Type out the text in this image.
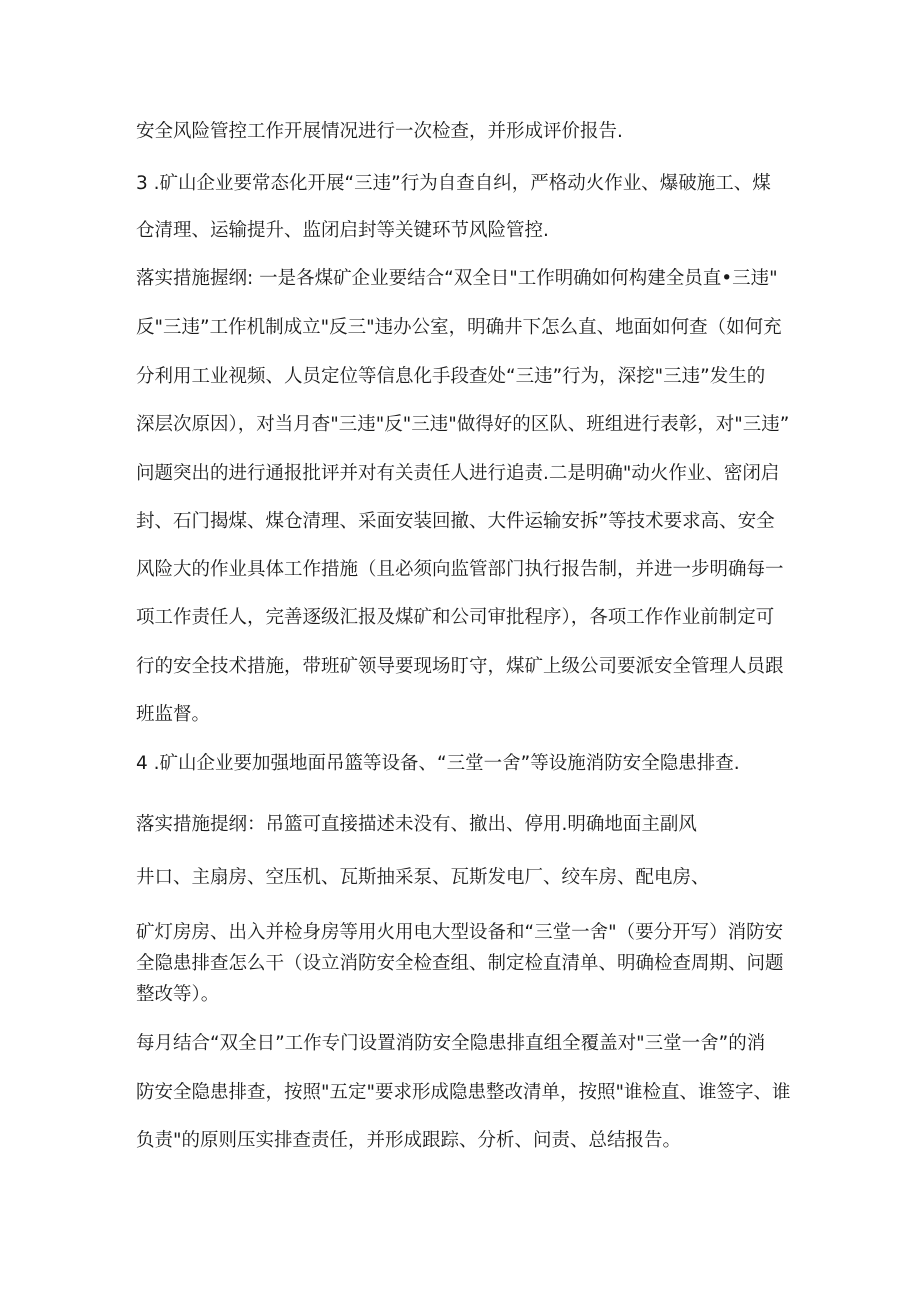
安全风险管控工作开展情况进行一次检查，并形成评价报告.
3 .矿山企业要常态化开展“三违”行为自查自纠，严格动火作业、爆破施工、煤
仓清理、运输提升、监闭启封等关键环节风险管控.
落实措施握纲: 一是各煤矿企业要结合“双全日"工作明确如何构建全员直•三违"
反"三违”工作机制成立"反三"违办公室，明确井下怎么直、地面如何查（如何充
分利用工业视频、人员定位等信息化手段查处“三违”行为，深挖"三违”发生的
深层次原因），对当月杳"三违"反"三违"做得好的区队、班组进行表彰，对"三违”
问题突出的进行通报批评并对有关责任人进行追责.二是明确"动火作业、密闭启
封、石门揭煤、煤仓清理、采面安装回撤、大件运输安拆”等技术要求高、安全
风险大的作业具体工作措施（且必须向监管部门执行报告制，并进一步明确每一
项工作责任人，完善逐级汇报及煤矿和公司审批程序），各项工作作业前制定可
行的安全技术措施，带班矿领导要现场盯守，煤矿上级公司要派安全管理人员跟
班监督。
4 .矿山企业要加强地面吊篮等设备、“三堂一舍”等设施消防安全隐患排查.
落实措施提纲：吊篮可直接描述未没有、撤出、停用.明确地面主副风
井口、主扇房、空压机、瓦斯抽采泵、瓦斯发电厂、绞车房、配电房、
矿灯房房、出入并检身房等用火用电大型设备和“三堂一舍"（要分开写）消防安
全隐患排查怎么干（设立消防安全检查组、制定检直清单、明确检查周期、问题
整改等）。
每月结合“双全日”工作专门设置消防安全隐患排直组全覆盖对"三堂一舍”的消
防安全隐患排查，按照"五定"要求形成隐患整改清单，按照"谁检直、谁签字、谁
负责"的原则压实排查责任，并形成跟踪、分析、问责、总结报告。
